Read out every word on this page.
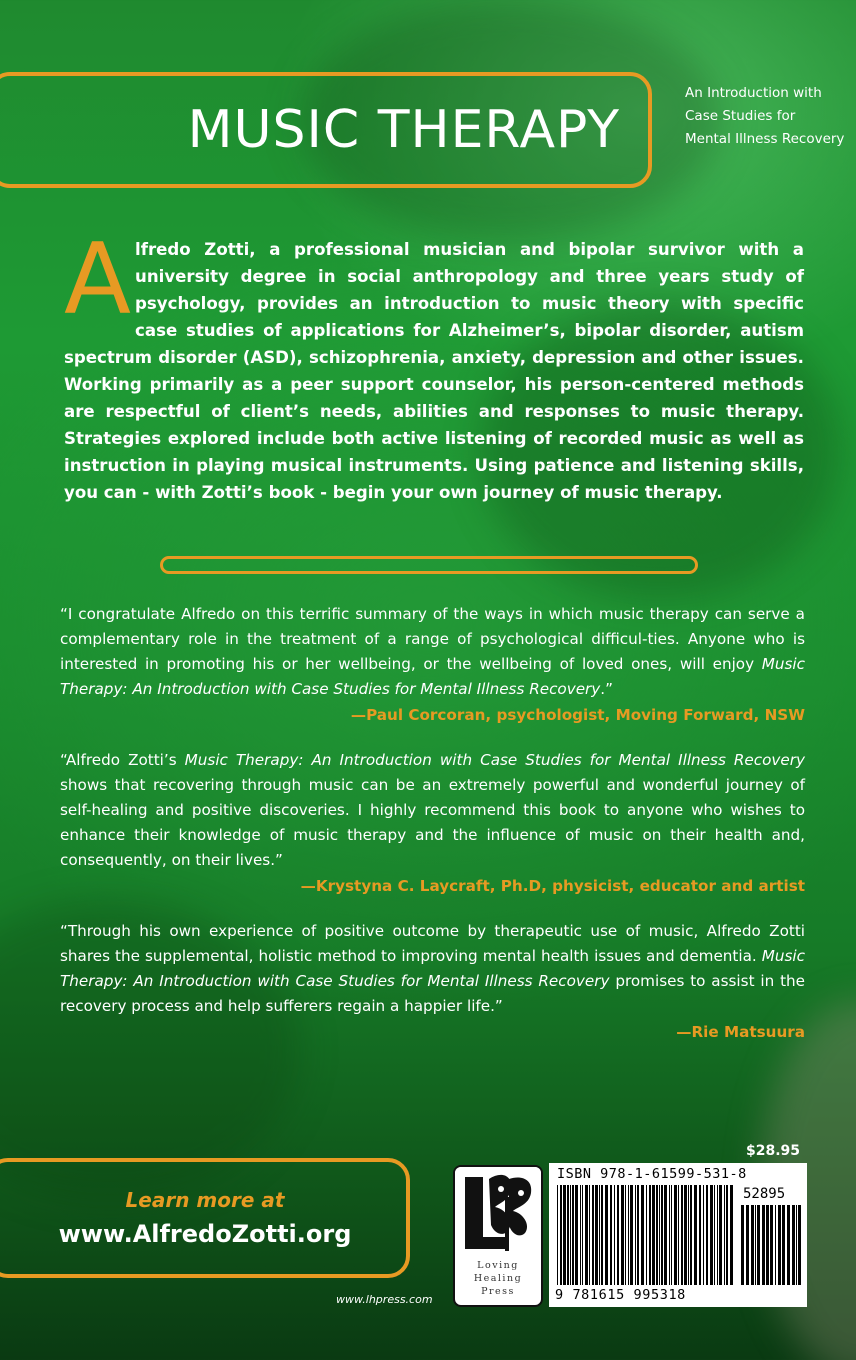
MUSIC THERAPY
An Introduction with Case Studies for Mental Illness Recovery
Alfredo Zotti, a professional musician and bipolar survivor with a university degree in social anthropology and three years study of psychology, provides an introduction to music theory with specific case studies of applications for Alzheimer’s, bipolar disorder, autism spectrum disorder (ASD), schizophrenia, anxiety, depression and other issues. Working primarily as a peer support counselor, his person-centered methods are respectful of client’s needs, abilities and responses to music therapy. Strategies explored include both active listening of recorded music as well as instruction in playing musical instruments. Using patience and listening skills, you can - with Zotti’s book - begin your own journey of music therapy.

“I congratulate Alfredo on this terrific summary of the ways in which music therapy can serve a complementary role in the treatment of a range of psychological difficul-ties. Anyone who is interested in promoting his or her wellbeing, or the wellbeing of loved ones, will enjoy Music Therapy: An Introduction with Case Studies for Mental Illness Recovery.”

—Paul Corcoran, psychologist, Moving Forward, NSW

“Alfredo Zotti’s Music Therapy: An Introduction with Case Studies for Mental Illness Recovery shows that recovering through music can be an extremely powerful and wonderful journey of self-healing and positive discoveries. I highly recommend this book to anyone who wishes to enhance their knowledge of music therapy and the influence of music on their health and, consequently, on their lives.”

—Krystyna C. Laycraft, Ph.D, physicist, educator and artist

“Through his own experience of positive outcome by therapeutic use of music, Alfredo Zotti shares the supplemental, holistic method to improving mental health issues and dementia. Music Therapy: An Introduction with Case Studies for Mental Illness Recovery promises to assist in the recovery process and help sufferers regain a happier life.”

—Rie Matsuura

Learn more at
www.AlfredoZotti.org
www.lhpress.com
Loving
Healing
Press
$28.95
ISBN 978-1-61599-531-8
52895
9 781615 995318
